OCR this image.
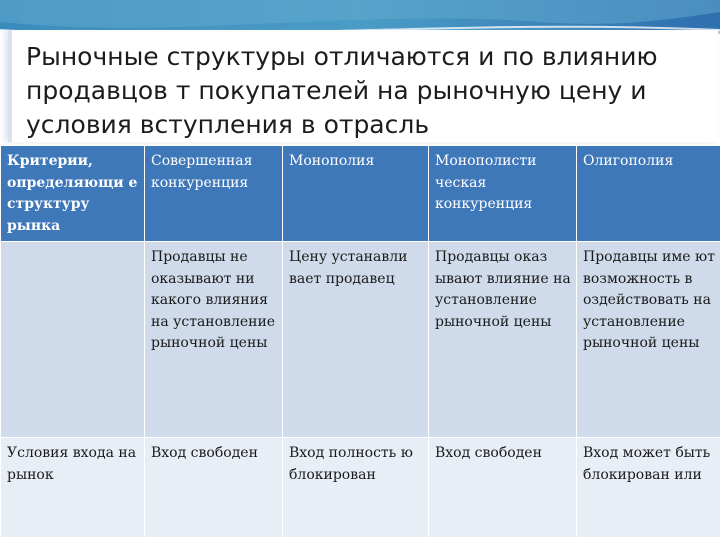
Рыночные структуры отличаются и по влиянию продавцов т покупателей на рыночную цену и условия вступления в отрасль
Критерии, определяющи е структуру рынка	Совершенная конкуренция	Монополия	Монополисти ческая конкуренция	Олигополия
	Продавцы не оказывают ни какого влияния на установление рыночной цены	Цену устанавли вает продавец	Продавцы оказ ывают влияние на установление рыночной цены	Продавцы име ют возможность в оздействовать на установление рыночной цены
Условия входа на рынок	Вход свободен	Вход полность ю блокирован	Вход свободен	Вход может быть блокирован или
